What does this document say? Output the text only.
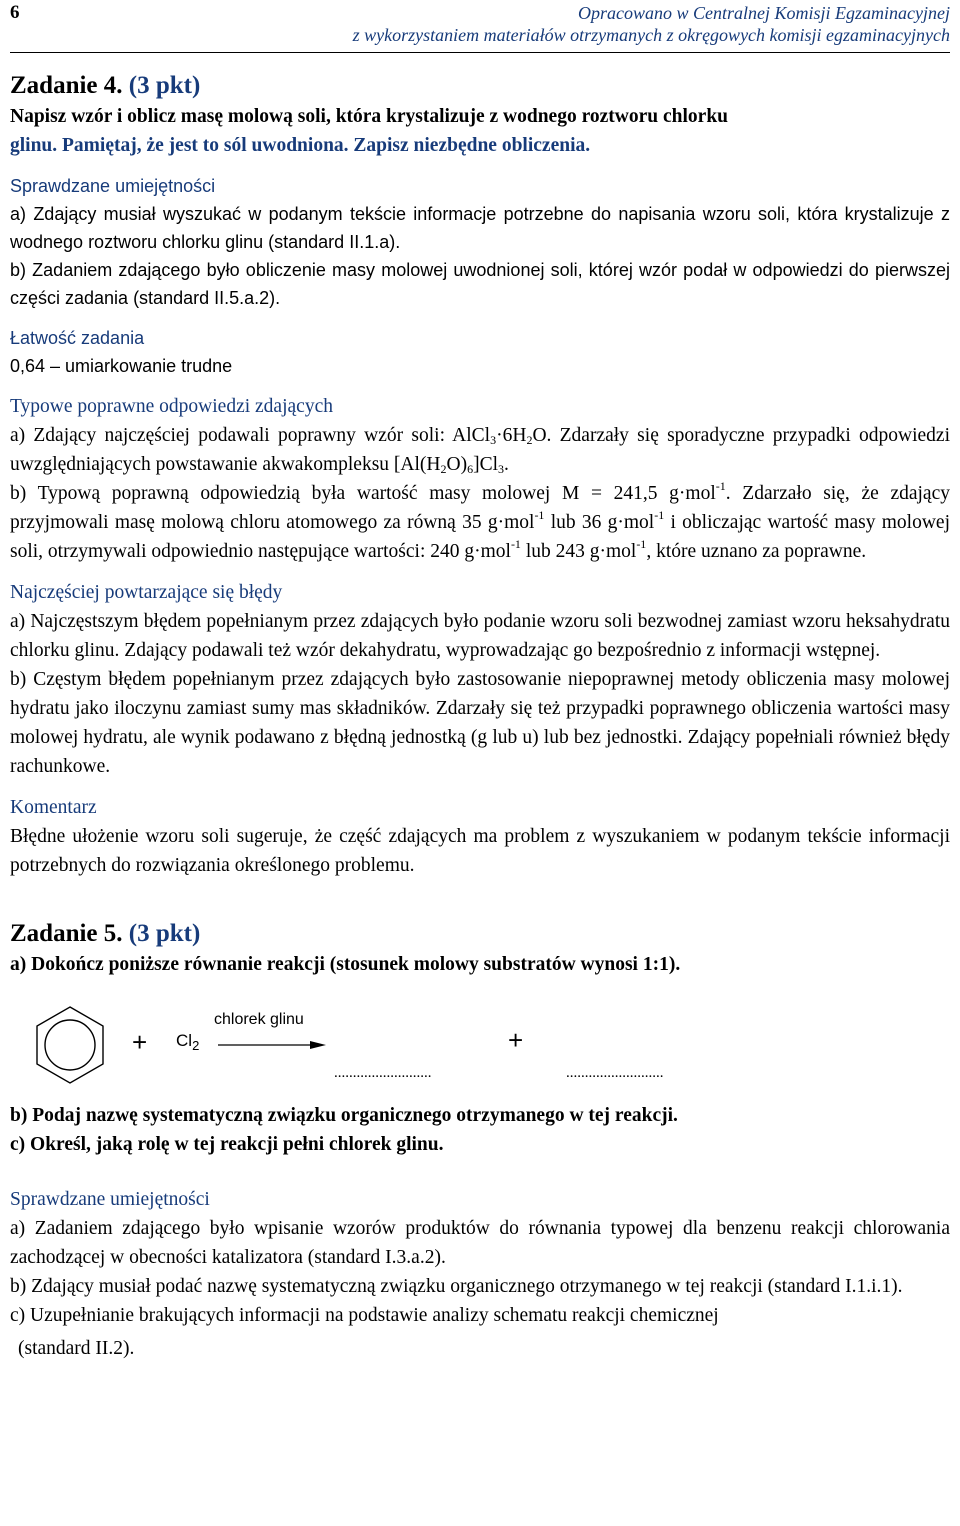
6	Opracowano w Centralnej Komisji Egzaminacyjnej
z wykorzystaniem materiałów otrzymanych z okręgowych komisji egzaminacyjnych

Zadanie 4. (3 pkt)

Napisz wzór i oblicz masę molową soli, która krystalizuje z wodnego roztworu chlorku

glinu. Pamiętaj, że jest to sól uwodniona. Zapisz niezbędne obliczenia.

Sprawdzane umiejętności

a) Zdający musiał wyszukać w podanym tekście informacje potrzebne do napisania wzoru soli, która krystalizuje z wodnego roztworu chlorku glinu (standard II.1.a).

b) Zadaniem zdającego było obliczenie masy molowej uwodnionej soli, której wzór podał w odpowiedzi do pierwszej części zadania (standard II.5.a.2).

Łatwość zadania

0,64 – umiarkowanie trudne

Typowe poprawne odpowiedzi zdających

a) Zdający najczęściej podawali poprawny wzór soli: $AlCl_3\cdot 6H_2O$. Zdarzały się sporadyczne przypadki odpowiedzi uwzględniających powstawanie akwakompleksu $[Al(H_2O)_6]Cl_3$.

b) Typową poprawną odpowiedzią była wartość masy molowej M = 241,5 g·mol$^{-1}$. Zdarzało się, że zdający przyjmowali masę molową chloru atomowego za równą 35 g·mol$^{-1}$ lub 36 g·mol$^{-1}$ i obliczając wartość masy molowej soli, otrzymywali odpowiednio następujące wartości: 240 g·mol$^{-1}$ lub 243 g·mol$^{-1}$, które uznano za poprawne.

Najczęściej powtarzające się błędy

a) Najczęstszym błędem popełnianym przez zdających było podanie wzoru soli bezwodnej zamiast wzoru heksahydratu chlorku glinu. Zdający podawali też wzór dekahydratu, wyprowadzając go bezpośrednio z informacji wstępnej.

b) Częstym błędem popełnianym przez zdających było zastosowanie niepoprawnej metody obliczenia masy molowej hydratu jako iloczynu zamiast sumy mas składników. Zdarzały się też przypadki poprawnego obliczenia wartości masy molowej hydratu, ale wynik podawano z błędną jednostką (g lub u) lub bez jednostki. Zdający popełniali również błędy rachunkowe.

Komentarz

Błędne ułożenie wzoru soli sugeruje, że część zdających ma problem z wyszukaniem w podanym tekście informacji potrzebnych do rozwiązania określonego problemu.

Zadanie 5. (3 pkt)

a) Dokończ poniższe równanie reakcji (stosunek molowy substratów wynosi 1:1).

+ $Cl_2$
chlorek glinu
+
..........................	..........................

b) Podaj nazwę systematyczną związku organicznego otrzymanego w tej reakcji.

c) Określ, jaką rolę w tej reakcji pełni chlorek glinu.

Sprawdzane umiejętności

a) Zadaniem zdającego było wpisanie wzorów produktów do równania typowej dla benzenu reakcji chlorowania zachodzącej w obecności katalizatora (standard I.3.a.2).

b) Zdający musiał podać nazwę systematyczną związku organicznego otrzymanego w tej reakcji (standard I.1.i.1).

c) Uzupełnianie brakujących informacji na podstawie analizy schematu reakcji chemicznej

(standard II.2).
